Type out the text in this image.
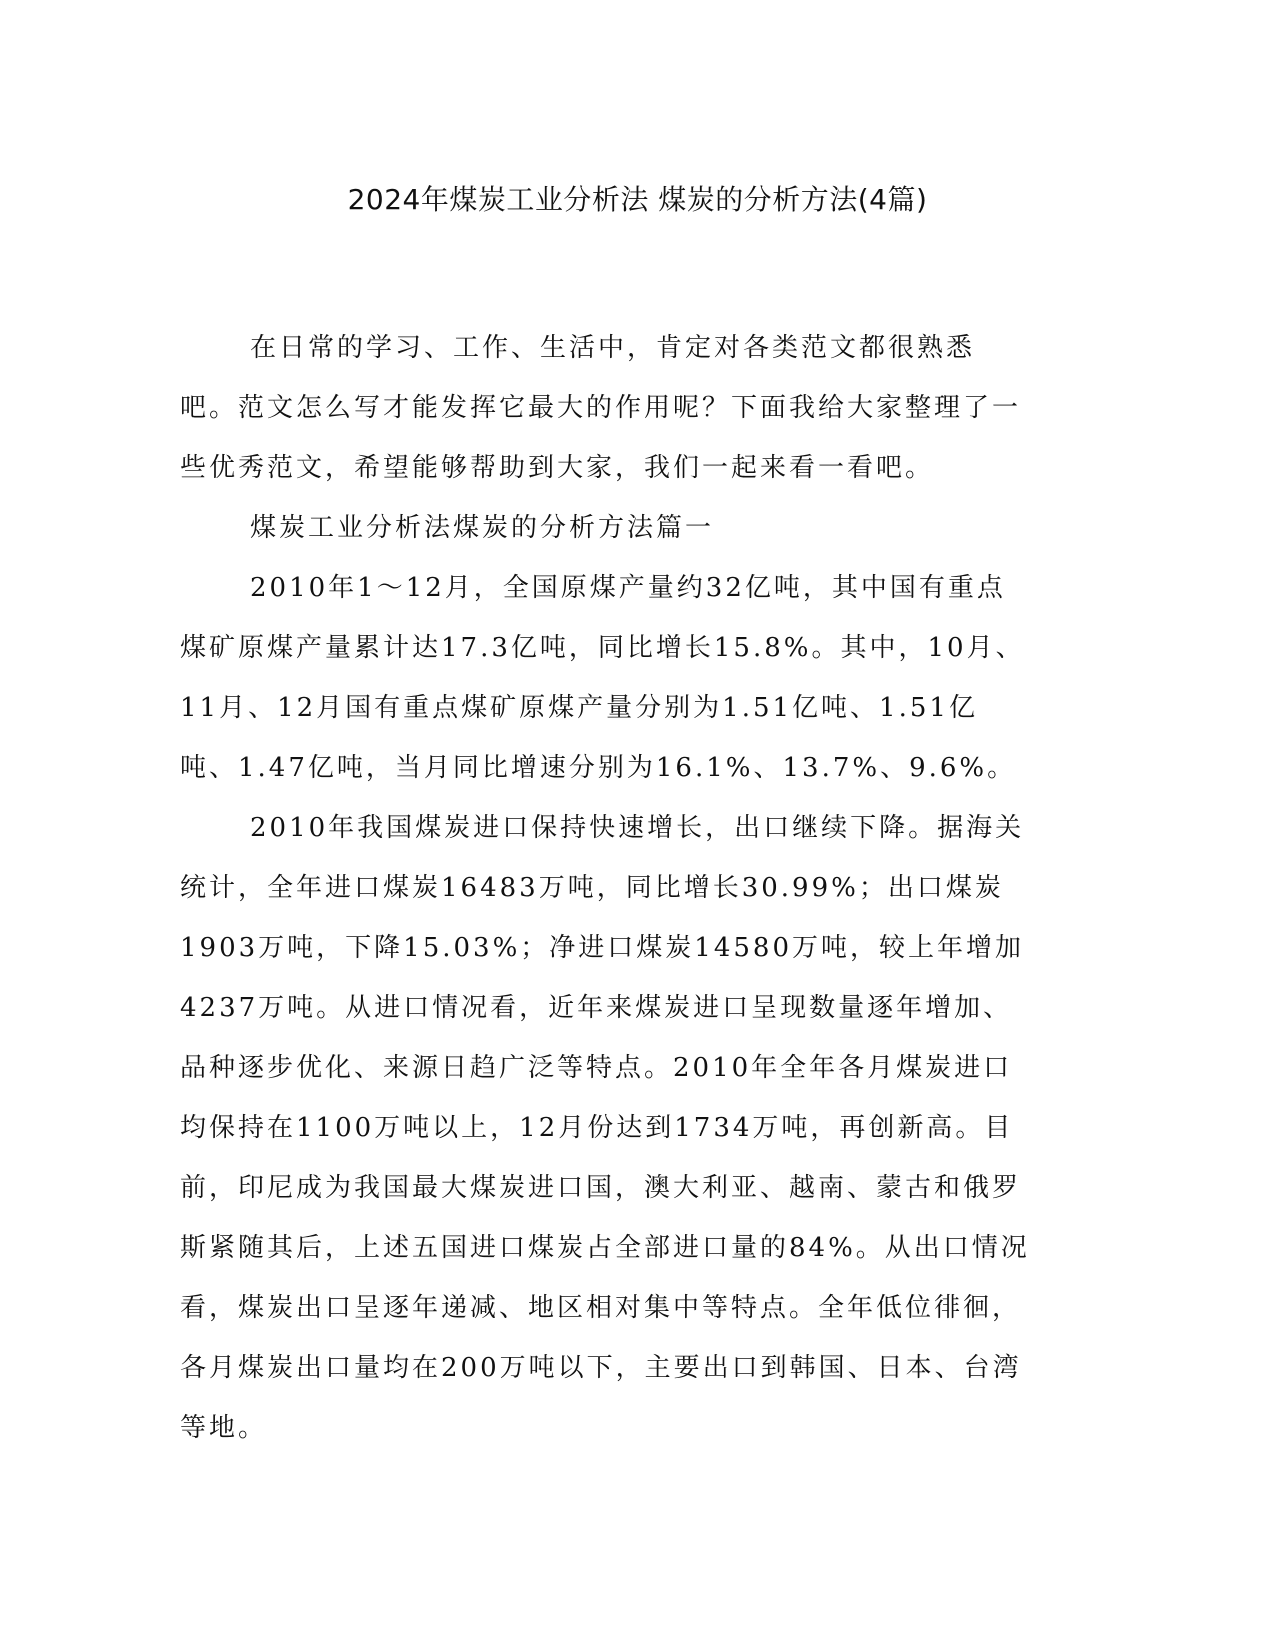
2024年煤炭工业分析法 煤炭的分析方法(4篇)

在日常的学习、工作、生活中，肯定对各类范文都很熟悉吧。范文怎么写才能发挥它最大的作用呢？下面我给大家整理了一些优秀范文，希望能够帮助到大家，我们一起来看一看吧。

煤炭工业分析法煤炭的分析方法篇一

2010年1～12月，全国原煤产量约32亿吨，其中国有重点煤矿原煤产量累计达17.3亿吨，同比增长15.8%。其中，10月、11月、12月国有重点煤矿原煤产量分别为1.51亿吨、1.51亿吨、1.47亿吨，当月同比增速分别为16.1%、13.7%、9.6%。

2010年我国煤炭进口保持快速增长，出口继续下降。据海关统计，全年进口煤炭16483万吨，同比增长30.99%；出口煤炭1903万吨，下降15.03%；净进口煤炭14580万吨，较上年增加4237万吨。从进口情况看，近年来煤炭进口呈现数量逐年增加、品种逐步优化、来源日趋广泛等特点。2010年全年各月煤炭进口均保持在1100万吨以上，12月份达到1734万吨，再创新高。目前，印尼成为我国最大煤炭进口国，澳大利亚、越南、蒙古和俄罗斯紧随其后，上述五国进口煤炭占全部进口量的84%。从出口情况看，煤炭出口呈逐年递减、地区相对集中等特点。全年低位徘徊，各月煤炭出口量均在200万吨以下，主要出口到韩国、日本、台湾等地。
